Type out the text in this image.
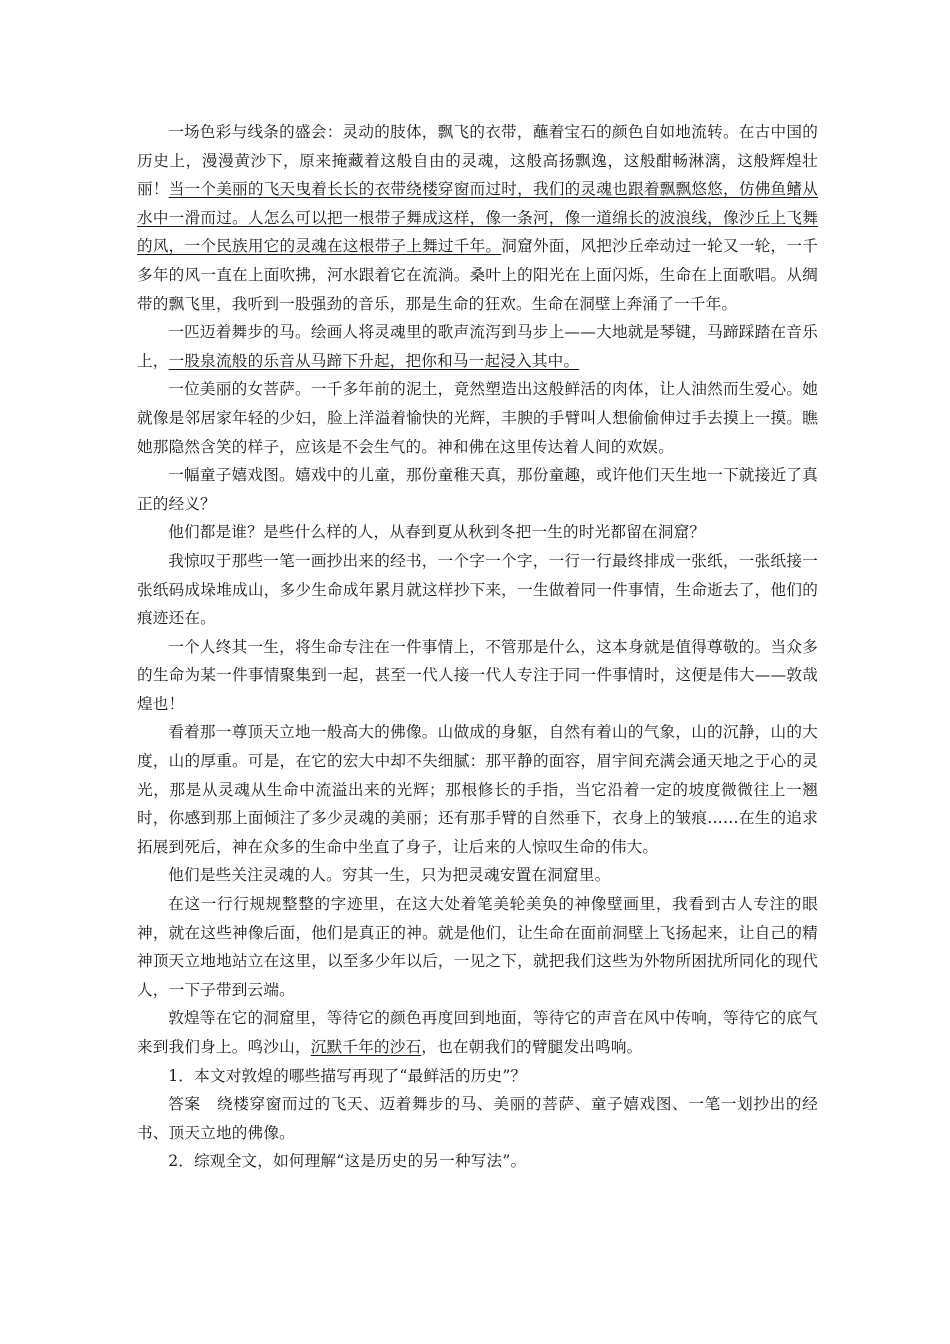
一场色彩与线条的盛会：灵动的肢体，飘飞的衣带，蘸着宝石的颜色自如地流转。在古中国的历史上，漫漫黄沙下，原来掩藏着这般自由的灵魂，这般高扬飘逸，这般酣畅淋漓，这般辉煌壮丽！当一个美丽的飞天曳着长长的衣带绕楼穿窗而过时，我们的灵魂也跟着飘飘悠悠，仿佛鱼鳍从水中一滑而过。人怎么可以把一根带子舞成这样，像一条河，像一道绵长的波浪线，像沙丘上飞舞的风，一个民族用它的灵魂在这根带子上舞过千年。洞窟外面，风把沙丘牵动过一轮又一轮，一千多年的风一直在上面吹拂，河水跟着它在流淌。桑叶上的阳光在上面闪烁，生命在上面歌唱。从绸带的飘飞里，我听到一股强劲的音乐，那是生命的狂欢。生命在洞壁上奔涌了一千年。

一匹迈着舞步的马。绘画人将灵魂里的歌声流泻到马步上——大地就是琴键，马蹄踩踏在音乐上，一股泉流般的乐音从马蹄下升起，把你和马一起浸入其中。

一位美丽的女菩萨。一千多年前的泥土，竟然塑造出这般鲜活的肉体，让人油然而生爱心。她就像是邻居家年轻的少妇，脸上洋溢着愉快的光辉，丰腴的手臂叫人想偷偷伸过手去摸上一摸。瞧她那隐然含笑的样子，应该是不会生气的。神和佛在这里传达着人间的欢娱。

一幅童子嬉戏图。嬉戏中的儿童，那份童稚天真，那份童趣，或许他们天生地一下就接近了真正的经义？

他们都是谁？是些什么样的人，从春到夏从秋到冬把一生的时光都留在洞窟？

我惊叹于那些一笔一画抄出来的经书，一个字一个字，一行一行最终排成一张纸，一张纸接一张纸码成垛堆成山，多少生命成年累月就这样抄下来，一生做着同一件事情，生命逝去了，他们的痕迹还在。

一个人终其一生，将生命专注在一件事情上，不管那是什么，这本身就是值得尊敬的。当众多的生命为某一件事情聚集到一起，甚至一代人接一代人专注于同一件事情时，这便是伟大——敦哉煌也！

看着那一尊顶天立地一般高大的佛像。山做成的身躯，自然有着山的气象，山的沉静，山的大度，山的厚重。可是，在它的宏大中却不失细腻：那平静的面容，眉宇间充满会通天地之于心的灵光，那是从灵魂从生命中流溢出来的光辉；那根修长的手指，当它沿着一定的坡度微微往上一翘时，你感到那上面倾注了多少灵魂的美丽；还有那手臂的自然垂下，衣身上的皱痕……在生的追求拓展到死后，神在众多的生命中坐直了身子，让后来的人惊叹生命的伟大。

他们是些关注灵魂的人。穷其一生，只为把灵魂安置在洞窟里。

在这一行行规规整整的字迹里，在这大处着笔美轮美奂的神像壁画里，我看到古人专注的眼神，就在这些神像后面，他们是真正的神。就是他们，让生命在面前洞壁上飞扬起来，让自己的精神顶天立地地站立在这里，以至多少年以后，一见之下，就把我们这些为外物所困扰所同化的现代人，一下子带到云端。

敦煌等在它的洞窟里，等待它的颜色再度回到地面，等待它的声音在风中传响，等待它的底气来到我们身上。鸣沙山，沉默千年的沙石，也在朝我们的臂腿发出鸣响。

1．本文对敦煌的哪些描写再现了“最鲜活的历史”？

答案　绕楼穿窗而过的飞天、迈着舞步的马、美丽的菩萨、童子嬉戏图、一笔一划抄出的经书、顶天立地的佛像。

2．综观全文，如何理解“这是历史的另一种写法”。
